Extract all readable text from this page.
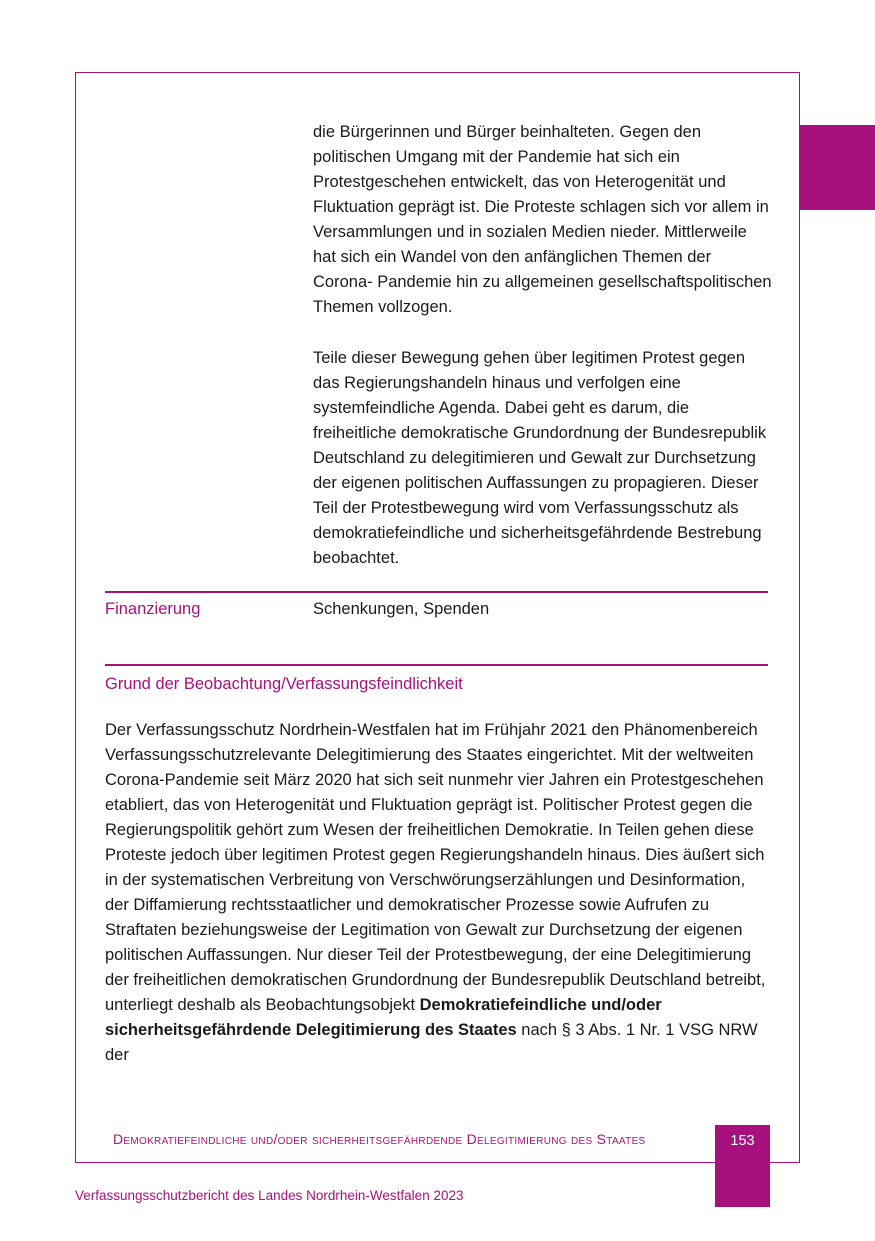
die Bürgerinnen und Bürger beinhalteten. Gegen den politischen Umgang mit der Pandemie hat sich ein Protestgeschehen entwickelt, das von Heterogenität und Fluktuation geprägt ist. Die Proteste schlagen sich vor allem in Versammlungen und in sozialen Medien nieder. Mittlerweile hat sich ein Wandel von den anfänglichen Themen der Corona- Pandemie hin zu allgemeinen gesellschaftspolitischen Themen vollzogen.

Teile dieser Bewegung gehen über legitimen Protest gegen das Regierungshandeln hinaus und verfolgen eine systemfeindliche Agenda. Dabei geht es darum, die freiheitliche demokratische Grundordnung der Bundesrepublik Deutschland zu delegitimieren und Gewalt zur Durchsetzung der eigenen politischen Auffassungen zu propagieren. Dieser Teil der Protestbewegung wird vom Verfassungsschutz als demokratiefeindliche und sicherheitsgefährdende Bestrebung beobachtet.

Finanzierung	Schenkungen, Spenden
Grund der Beobachtung/Verfassungsfeindlichkeit

Der Verfassungsschutz Nordrhein-Westfalen hat im Frühjahr 2021 den Phänomenbereich Verfassungsschutzrelevante Delegitimierung des Staates eingerichtet. Mit der weltweiten Corona-Pandemie seit März 2020 hat sich seit nunmehr vier Jahren ein Protestgeschehen etabliert, das von Heterogenität und Fluktuation geprägt ist. Politischer Protest gegen die Regierungspolitik gehört zum Wesen der freiheitlichen Demokratie. In Teilen gehen diese Proteste jedoch über legitimen Protest gegen Regierungshandeln hinaus. Dies äußert sich in der systematischen Verbreitung von Verschwörungserzählungen und Desinformation, der Diffamierung rechtsstaatlicher und demokratischer Prozesse sowie Aufrufen zu Straftaten beziehungsweise der Legitimation von Gewalt zur Durchsetzung der eigenen politischen Auffassungen. Nur dieser Teil der Protestbewegung, der eine Delegitimierung der freiheitlichen demokratischen Grundordnung der Bundesrepublik Deutschland betreibt, unterliegt deshalb als Beobachtungsobjekt Demokratiefeindliche und/oder sicherheitsgefährdende Delegitimierung des Staates nach § 3 Abs. 1 Nr. 1 VSG NRW der

Demokratiefeindliche und/oder sicherheitsgefährdende Delegitimierung des Staates	153
Verfassungsschutzbericht des Landes Nordrhein-Westfalen 2023
